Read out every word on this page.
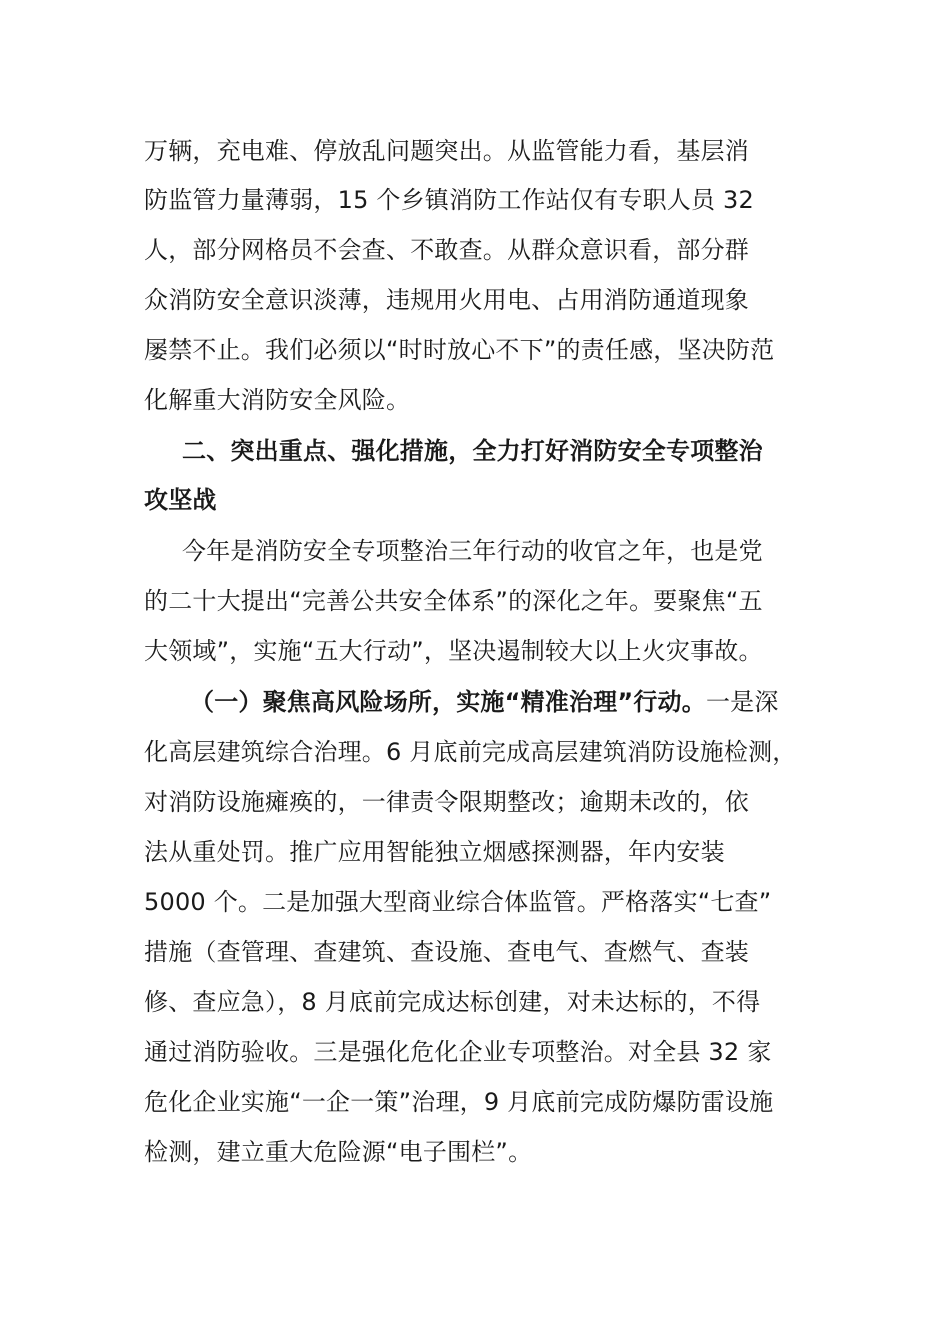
万辆，充电难、停放乱问题突出。从监管能力看，基层消
防监管力量薄弱，15 个乡镇消防工作站仅有专职人员 32
人，部分网格员不会查、不敢查。从群众意识看，部分群
众消防安全意识淡薄，违规用火用电、占用消防通道现象
屡禁不止。我们必须以“时时放心不下”的责任感，坚决防范
化解重大消防安全风险。
二、突出重点、强化措施，全力打好消防安全专项整治
攻坚战
今年是消防安全专项整治三年行动的收官之年，也是党
的二十大提出“完善公共安全体系”的深化之年。要聚焦“五
大领域”，实施“五大行动”，坚决遏制较大以上火灾事故。
（一）聚焦高风险场所，实施“精准治理”行动。一是深
化高层建筑综合治理。6 月底前完成高层建筑消防设施检测，
对消防设施瘫痪的，一律责令限期整改；逾期未改的，依
法从重处罚。推广应用智能独立烟感探测器，年内安装
5000 个。二是加强大型商业综合体监管。严格落实“七查”
措施（查管理、查建筑、查设施、查电气、查燃气、查装
修、查应急），8 月底前完成达标创建，对未达标的，不得
通过消防验收。三是强化危化企业专项整治。对全县 32 家
危化企业实施“一企一策”治理，9 月底前完成防爆防雷设施
检测，建立重大危险源“电子围栏”。
